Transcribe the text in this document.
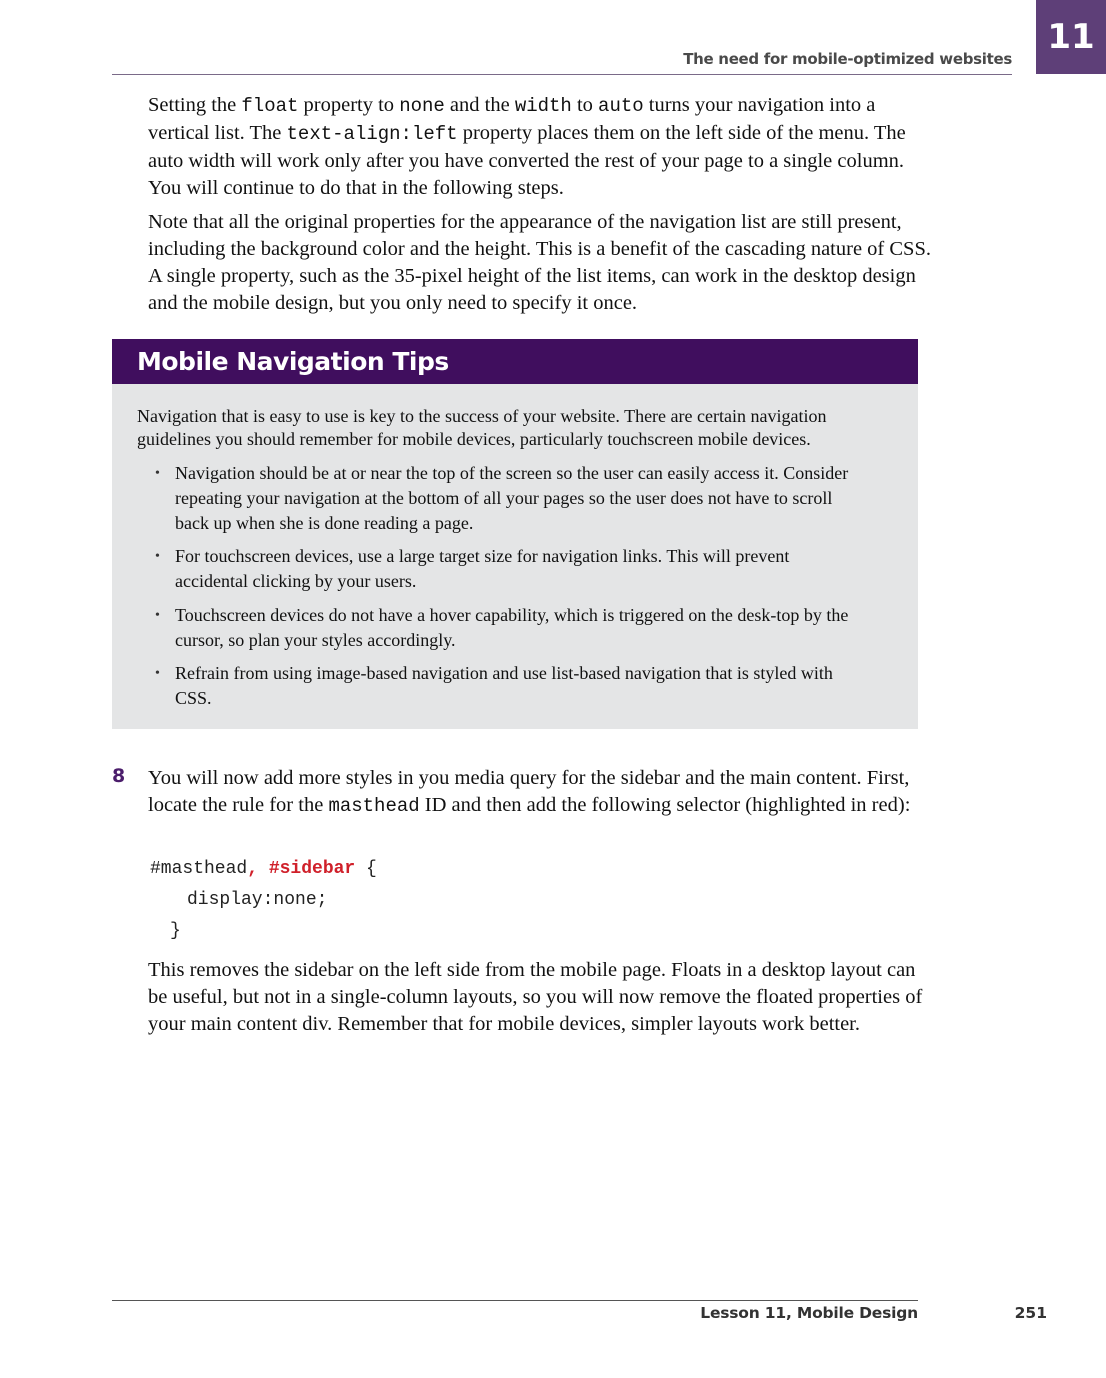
The need for mobile-optimized websites
11

Setting the float property to none and the width to auto turns your navigation into a vertical list. The text-align:left property places them on the left side of the menu. The auto width will work only after you have converted the rest of your page to a single column. You will continue to do that in the following steps.

Note that all the original properties for the appearance of the navigation list are still present, including the background color and the height. This is a benefit of the cascading nature of CSS. A single property, such as the 35-pixel height of the list items, can work in the desktop design and the mobile design, but you only need to specify it once.

Mobile Navigation Tips

Navigation that is easy to use is key to the success of your website. There are certain navigation guidelines you should remember for mobile devices, particularly touchscreen mobile devices.

• Navigation should be at or near the top of the screen so the user can easily access it. Consider repeating your navigation at the bottom of all your pages so the user does not have to scroll back up when she is done reading a page.
• For touchscreen devices, use a large target size for navigation links. This will prevent accidental clicking by your users.
• Touchscreen devices do not have a hover capability, which is triggered on the desk-top by the cursor, so plan your styles accordingly.
• Refrain from using image-based navigation and use list-based navigation that is styled with CSS.
8 You will now add more styles in you media query for the sidebar and the main content. First, locate the rule for the masthead ID and then add the following selector (highlighted in red):

#masthead, #sidebar {
display:none;
}

This removes the sidebar on the left side from the mobile page. Floats in a desktop layout can be useful, but not in a single-column layouts, so you will now remove the floated properties of your main content div. Remember that for mobile devices, simpler layouts work better.

Lesson 11, Mobile Design	251
